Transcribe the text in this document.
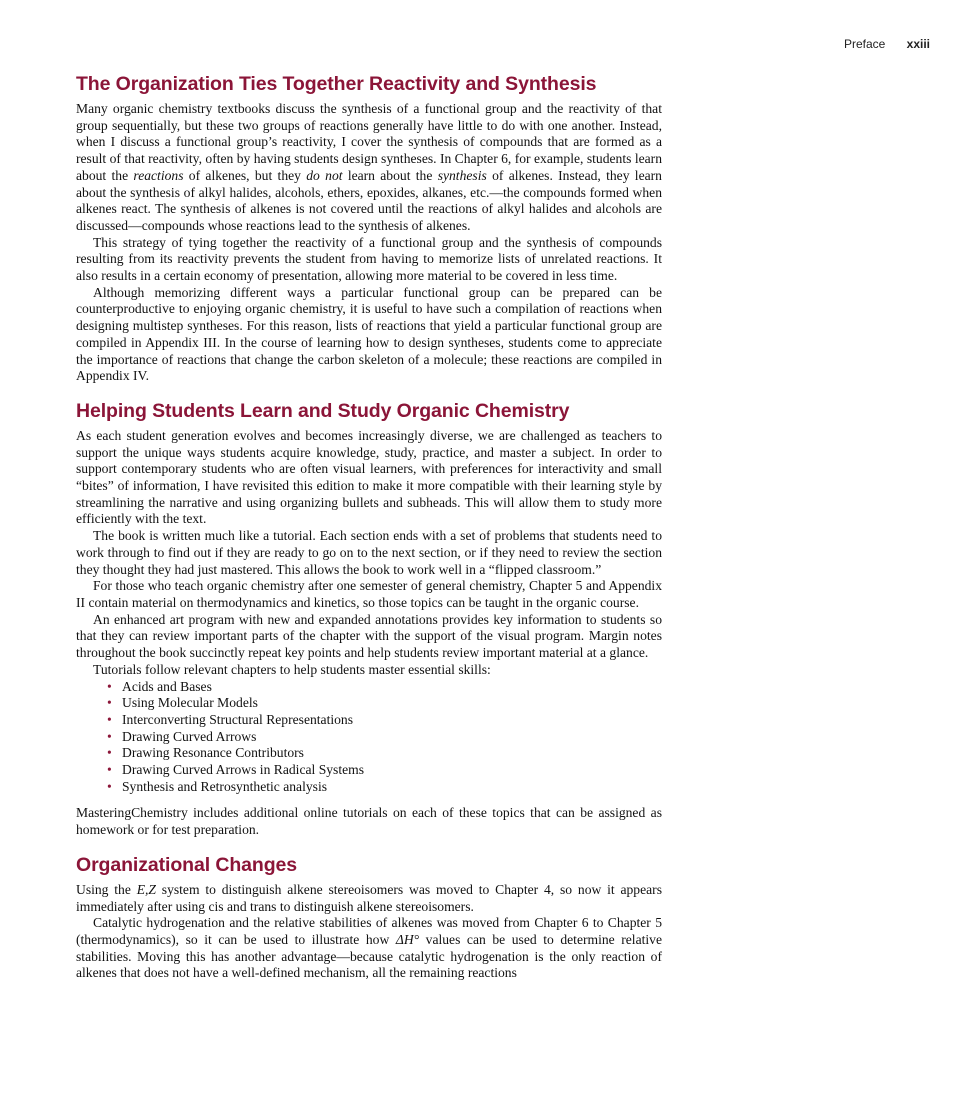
Preface xxiii
The Organization Ties Together Reactivity and Synthesis

Many organic chemistry textbooks discuss the synthesis of a functional group and the reactivity of that group sequentially, but these two groups of reactions generally have little to do with one another. Instead, when I discuss a functional group’s reactivity, I cover the synthesis of compounds that are formed as a result of that reactivity, often by having students design syntheses. In Chapter 6, for example, students learn about the reactions of alkenes, but they do not learn about the synthesis of alkenes. Instead, they learn about the synthesis of alkyl halides, alcohols, ethers, epoxides, alkanes, etc.—the compounds formed when alkenes react. The synthesis of alkenes is not covered until the reactions of alkyl halides and alcohols are discussed—compounds whose reactions lead to the synthesis of alkenes.

This strategy of tying together the reactivity of a functional group and the synthesis of compounds resulting from its reactivity prevents the student from having to memorize lists of unrelated reactions. It also results in a certain economy of presentation, allowing more material to be covered in less time.

Although memorizing different ways a particular functional group can be prepared can be counterproductive to enjoying organic chemistry, it is useful to have such a compilation of reactions when designing multistep syntheses. For this reason, lists of reactions that yield a particular functional group are compiled in Appendix III. In the course of learning how to design syntheses, students come to appreciate the importance of reactions that change the carbon skeleton of a molecule; these reactions are compiled in Appendix IV.

Helping Students Learn and Study Organic Chemistry

As each student generation evolves and becomes increasingly diverse, we are challenged as teachers to support the unique ways students acquire knowledge, study, practice, and master a subject. In order to support contemporary students who are often visual learners, with preferences for interactivity and small “bites” of information, I have revisited this edition to make it more compatible with their learning style by streamlining the narrative and using organizing bullets and subheads. This will allow them to study more efficiently with the text.

The book is written much like a tutorial. Each section ends with a set of problems that students need to work through to find out if they are ready to go on to the next section, or if they need to review the section they thought they had just mastered. This allows the book to work well in a “flipped classroom.”

For those who teach organic chemistry after one semester of general chemistry, Chapter 5 and Appendix II contain material on thermodynamics and kinetics, so those topics can be taught in the organic course.

An enhanced art program with new and expanded annotations provides key information to students so that they can review important parts of the chapter with the support of the visual program. Margin notes throughout the book succinctly repeat key points and help students review important material at a glance.

Tutorials follow relevant chapters to help students master essential skills:

• Acids and Bases
• Using Molecular Models
• Interconverting Structural Representations
• Drawing Curved Arrows
• Drawing Resonance Contributors
• Drawing Curved Arrows in Radical Systems
• Synthesis and Retrosynthetic analysis

MasteringChemistry includes additional online tutorials on each of these topics that can be assigned as homework or for test preparation.

Organizational Changes

Using the E,Z system to distinguish alkene stereoisomers was moved to Chapter 4, so now it appears immediately after using cis and trans to distinguish alkene stereoisomers.

Catalytic hydrogenation and the relative stabilities of alkenes was moved from Chapter 6 to Chapter 5 (thermodynamics), so it can be used to illustrate how ΔH° values can be used to determine relative stabilities. Moving this has another advantage—because catalytic hydrogenation is the only reaction of alkenes that does not have a well-defined mechanism, all the remaining reactions
